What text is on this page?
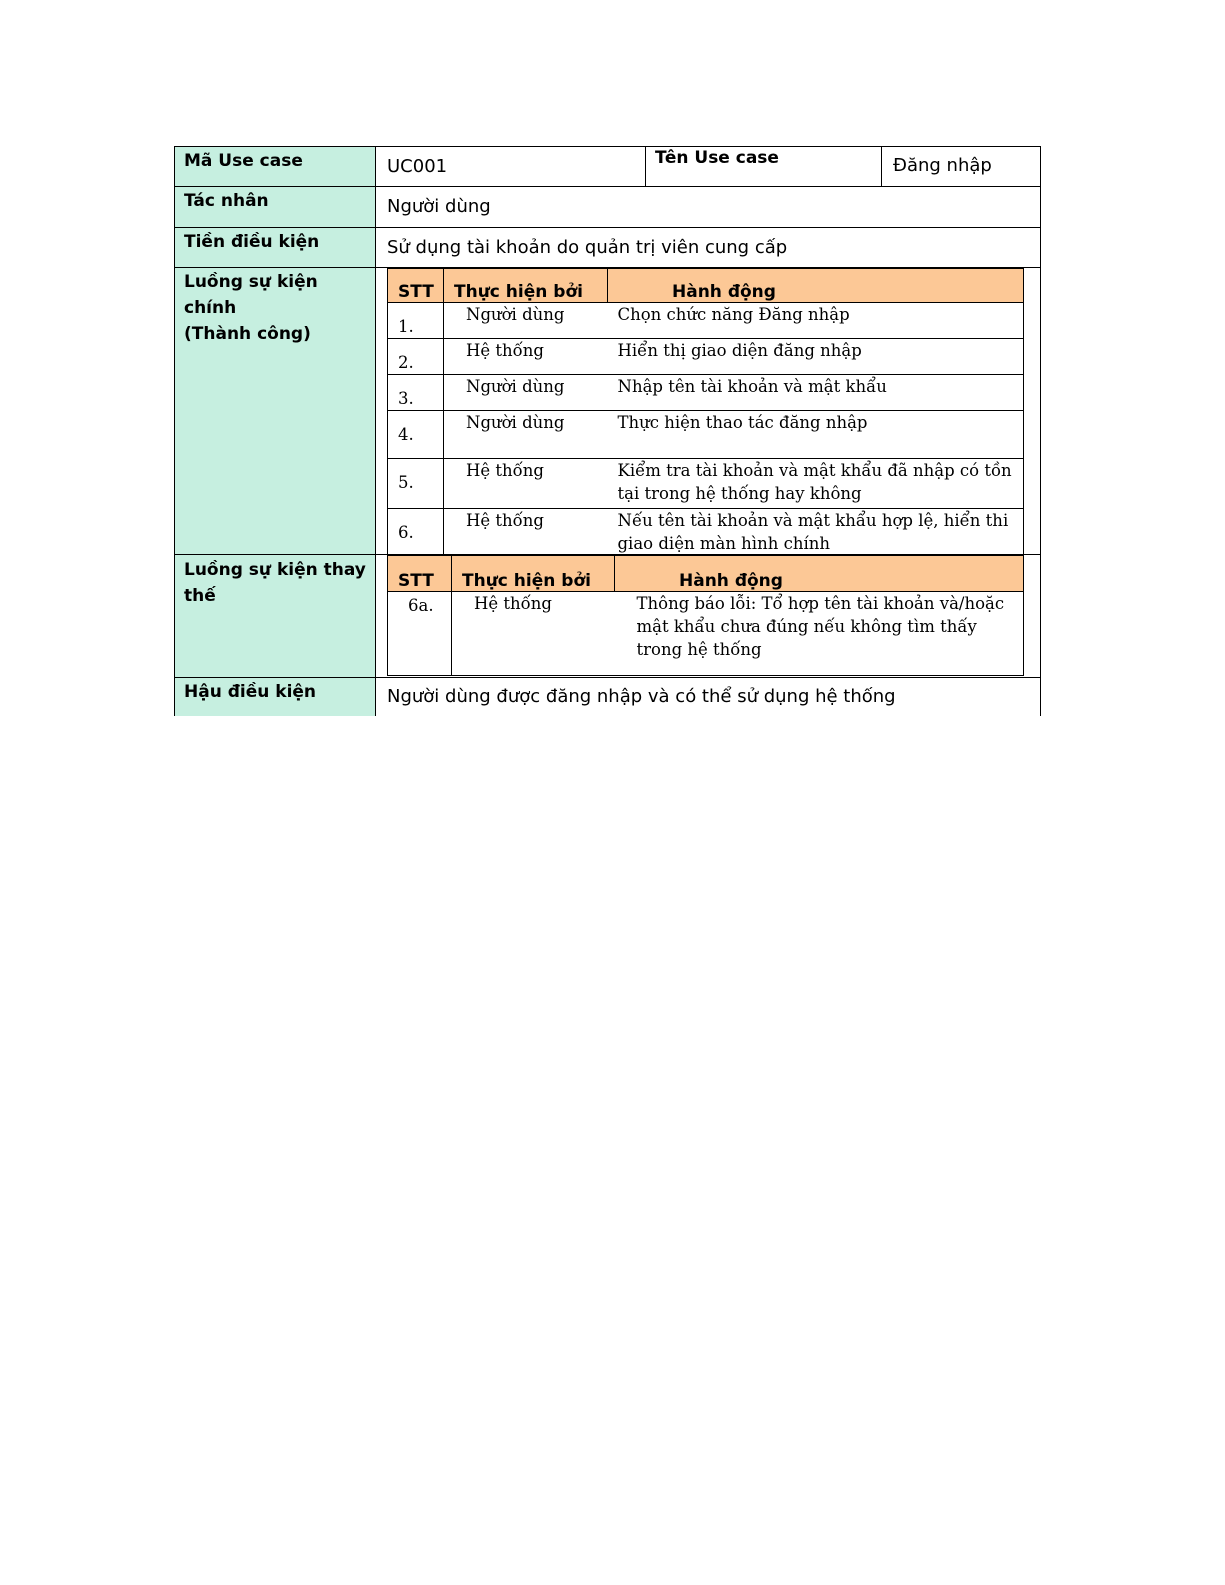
Mã Use case	UC001	Tên Use case	Đăng nhập
Tác nhân	Người dùng
Tiền điều kiện	Sử dụng tài khoản do quản trị viên cung cấp
Luồng sự kiện chính
(Thành công)
STT	Thực hiện bởi	Hành động
1.	Người dùng	Chọn chức năng Đăng nhập
2.	Hệ thống	Hiển thị giao diện đăng nhập
3.	Người dùng	Nhập tên tài khoản và mật khẩu
4.	Người dùng	Thực hiện thao tác đăng nhập
5.	Hệ thống	Kiểm tra tài khoản và mật khẩu đã nhập có tồn tại trong hệ thống hay không
6.	Hệ thống	Nếu tên tài khoản và mật khẩu hợp lệ, hiển thi giao diện màn hình chính
Luồng sự kiện thay thế
STT	Thực hiện bởi	Hành động
6a.	Hệ thống	Thông báo lỗi: Tổ hợp tên tài khoản và/hoặc mật khẩu chưa đúng nếu không tìm thấy trong hệ thống
Hậu điều kiện	Người dùng được đăng nhập và có thể sử dụng hệ thống
